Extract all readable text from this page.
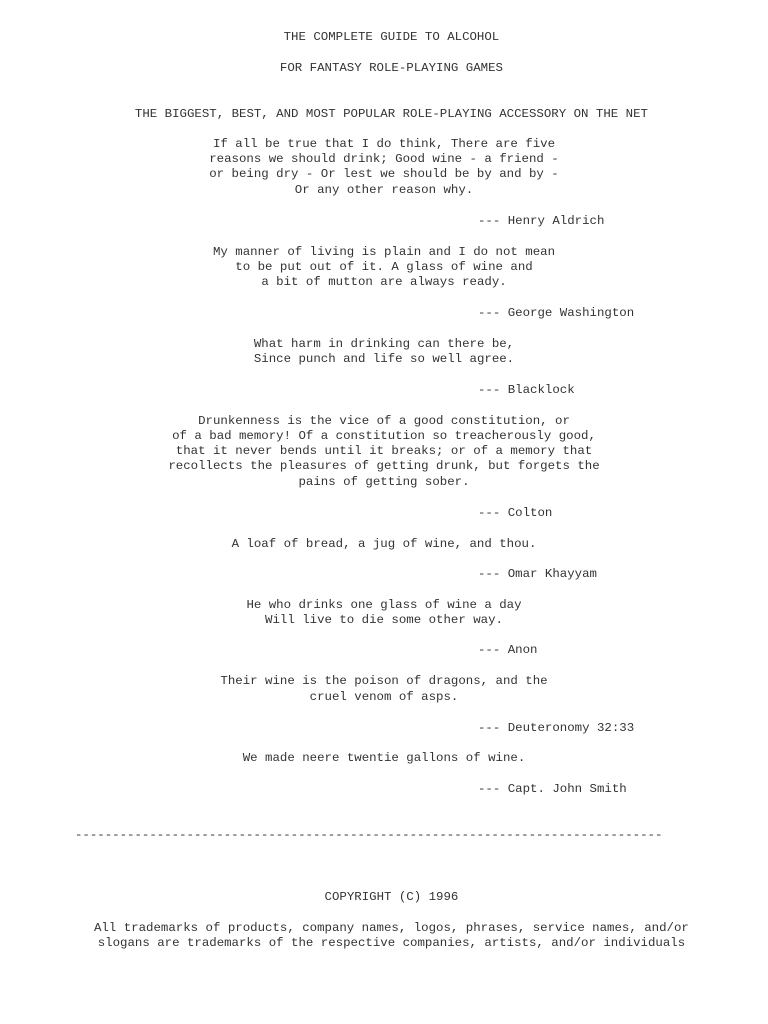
THE COMPLETE GUIDE TO ALCOHOL

FOR FANTASY ROLE-PLAYING GAMES

THE BIGGEST, BEST, AND MOST POPULAR ROLE-PLAYING ACCESSORY ON THE NET

If all be true that I do think, There are five
reasons we should drink; Good wine - a friend -
or being dry - Or lest we should be by and by -
Or any other reason why.
--- Henry Aldrich
My manner of living is plain and I do not mean
to be put out of it. A glass of wine and
a bit of mutton are always ready.
--- George Washington
What harm in drinking can there be,
Since punch and life so well agree.
--- Blacklock
Drunkenness is the vice of a good constitution, or
of a bad memory! Of a constitution so treacherously good,
that it never bends until it breaks; or of a memory that
recollects the pleasures of getting drunk, but forgets the
pains of getting sober.
--- Colton
A loaf of bread, a jug of wine, and thou.
--- Omar Khayyam
He who drinks one glass of wine a day
Will live to die some other way.
--- Anon
Their wine is the poison of dragons, and the
cruel venom of asps.
--- Deuteronomy 32:33
We made neere twentie gallons of wine.
--- Capt. John Smith
-------------------------------------------------------------------------------

COPYRIGHT (C) 1996

All trademarks of products, company names, logos, phrases, service names, and/or

slogans are trademarks of the respective companies, artists, and/or individuals
